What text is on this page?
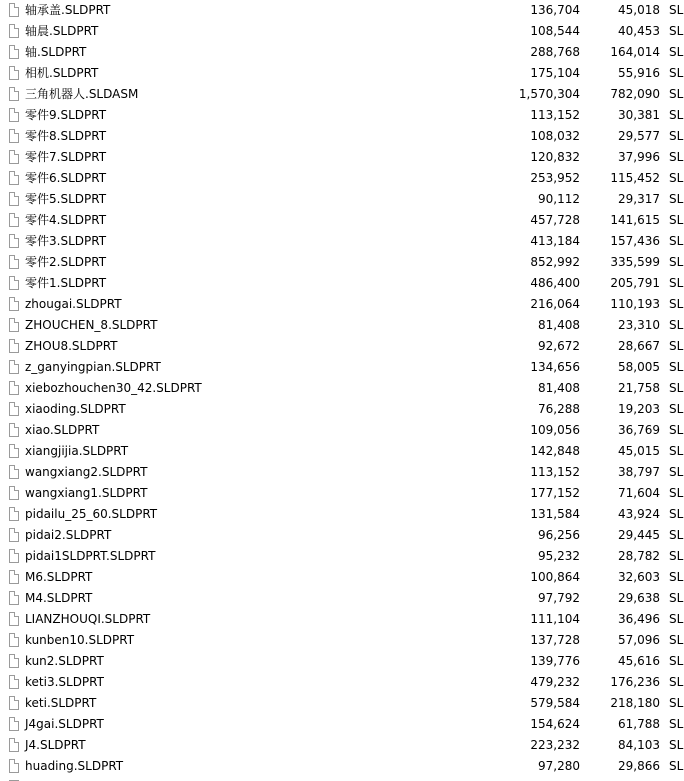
轴承盖.SLDPRT	136,704	45,018 SL
轴晨.SLDPRT	108,544	40,453 SL
轴.SLDPRT	288,768	164,014 SL
相机.SLDPRT	175,104	55,916 SL
三角机器人.SLDASM	1,570,304	782,090 SL
零件9.SLDPRT	113,152	30,381 SL
零件8.SLDPRT	108,032	29,577 SL
零件7.SLDPRT	120,832	37,996 SL
零件6.SLDPRT	253,952	115,452 SL
零件5.SLDPRT	90,112	29,317 SL
零件4.SLDPRT	457,728	141,615 SL
零件3.SLDPRT	413,184	157,436 SL
零件2.SLDPRT	852,992	335,599 SL
零件1.SLDPRT	486,400	205,791 SL
zhougai.SLDPRT	216,064	110,193 SL
ZHOUCHEN_8.SLDPRT	81,408	23,310 SL
ZHOU8.SLDPRT	92,672	28,667 SL
z_ganyingpian.SLDPRT	134,656	58,005 SL
xiebozhouchen30_42.SLDPRT	81,408	21,758 SL
xiaoding.SLDPRT	76,288	19,203 SL
xiao.SLDPRT	109,056	36,769 SL
xiangjijia.SLDPRT	142,848	45,015 SL
wangxiang2.SLDPRT	113,152	38,797 SL
wangxiang1.SLDPRT	177,152	71,604 SL
pidailu_25_60.SLDPRT	131,584	43,924 SL
pidai2.SLDPRT	96,256	29,445 SL
pidai1SLDPRT.SLDPRT	95,232	28,782 SL
M6.SLDPRT	100,864	32,603 SL
M4.SLDPRT	97,792	29,638 SL
LIANZHOUQI.SLDPRT	111,104	36,496 SL
kunben10.SLDPRT	137,728	57,096 SL
kun2.SLDPRT	139,776	45,616 SL
keti3.SLDPRT	479,232	176,236 SL
keti.SLDPRT	579,584	218,180 SL
J4gai.SLDPRT	154,624	61,788 SL
J4.SLDPRT	223,232	84,103 SL
huading.SLDPRT	97,280	29,866 SL
